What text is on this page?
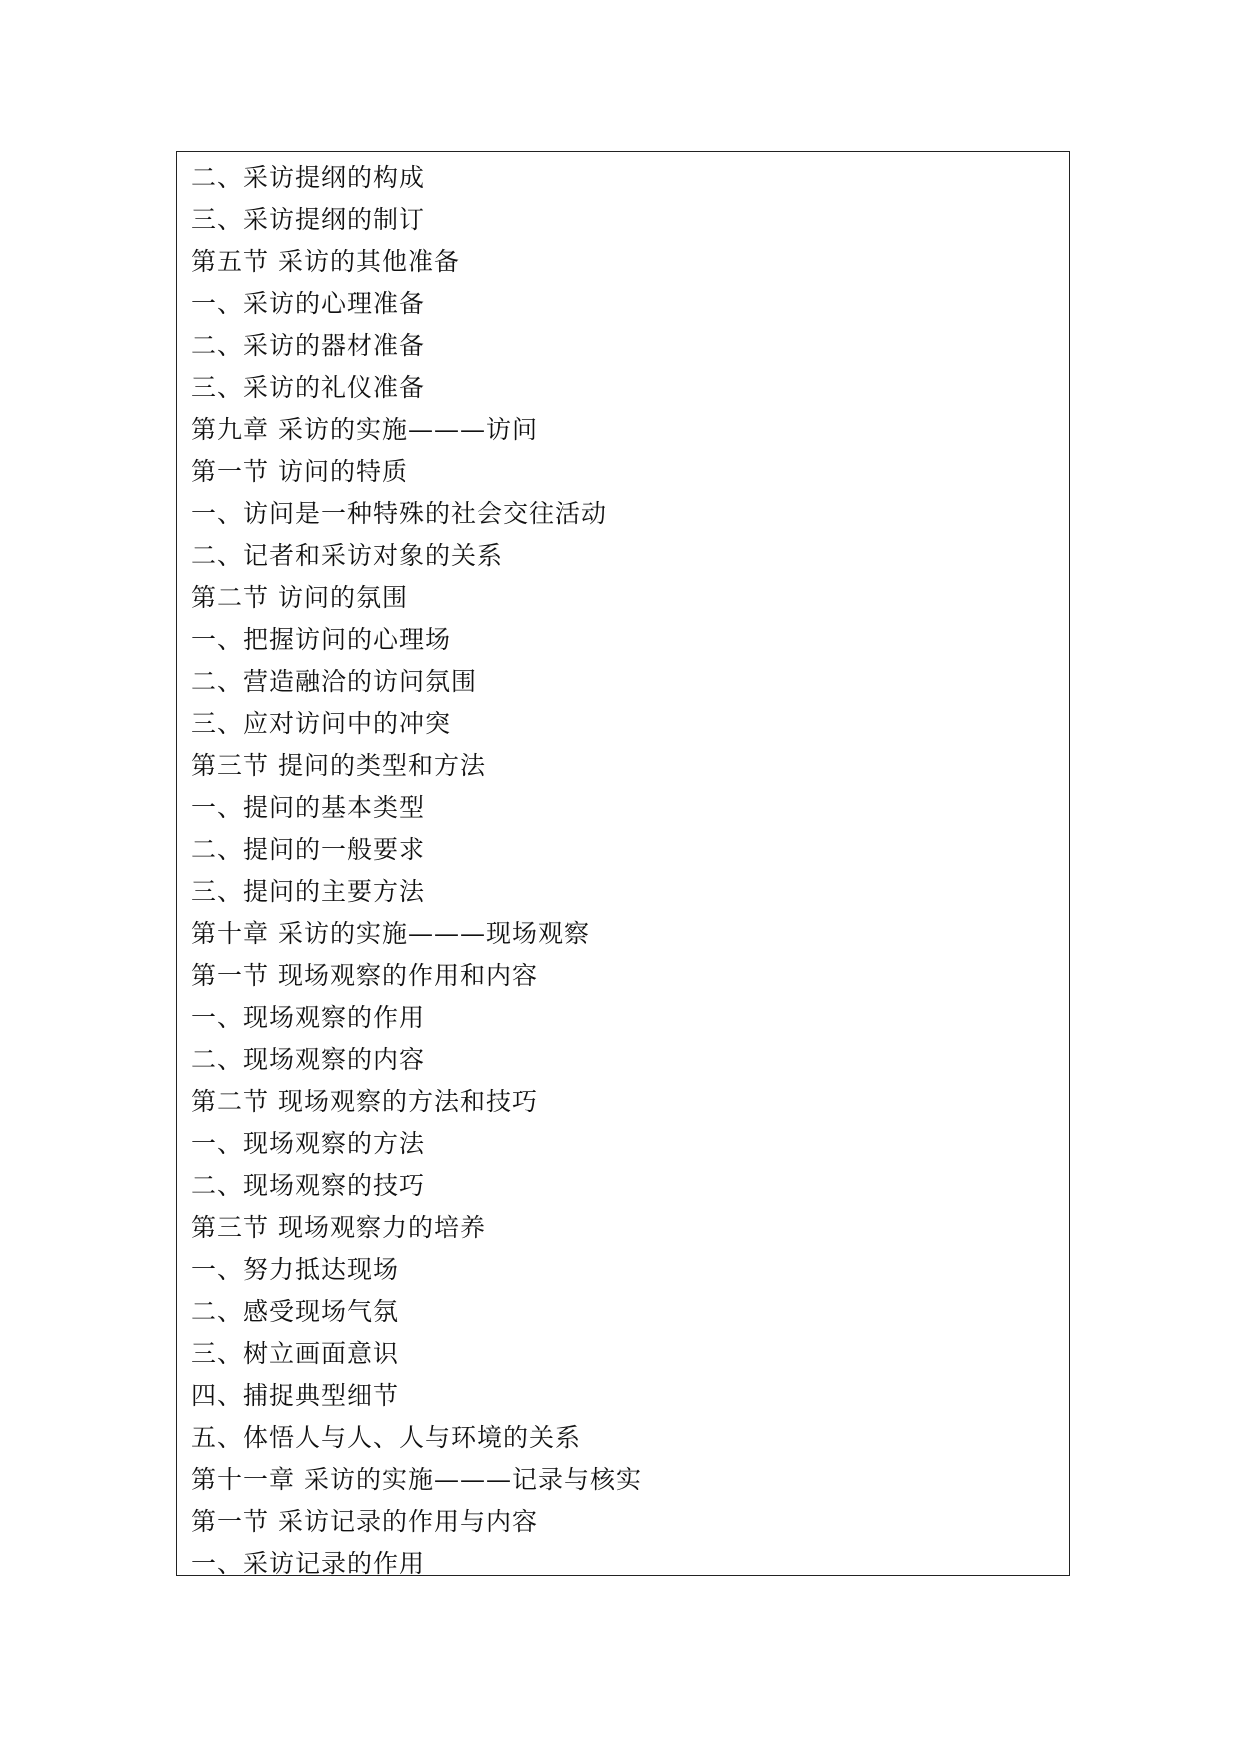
二、采访提纲的构成
三、采访提纲的制订
第五节 采访的其他准备
一、采访的心理准备
二、采访的器材准备
三、采访的礼仪准备
第九章 采访的实施———访问
第一节 访问的特质
一、访问是一种特殊的社会交往活动
二、记者和采访对象的关系
第二节 访问的氛围
一、把握访问的心理场
二、营造融洽的访问氛围
三、应对访问中的冲突
第三节 提问的类型和方法
一、提问的基本类型
二、提问的一般要求
三、提问的主要方法
第十章 采访的实施———现场观察
第一节 现场观察的作用和内容
一、现场观察的作用
二、现场观察的内容
第二节 现场观察的方法和技巧
一、现场观察的方法
二、现场观察的技巧
第三节 现场观察力的培养
一、努力抵达现场
二、感受现场气氛
三、树立画面意识
四、捕捉典型细节
五、体悟人与人、人与环境的关系
第十一章 采访的实施———记录与核实
第一节 采访记录的作用与内容
一、采访记录的作用
